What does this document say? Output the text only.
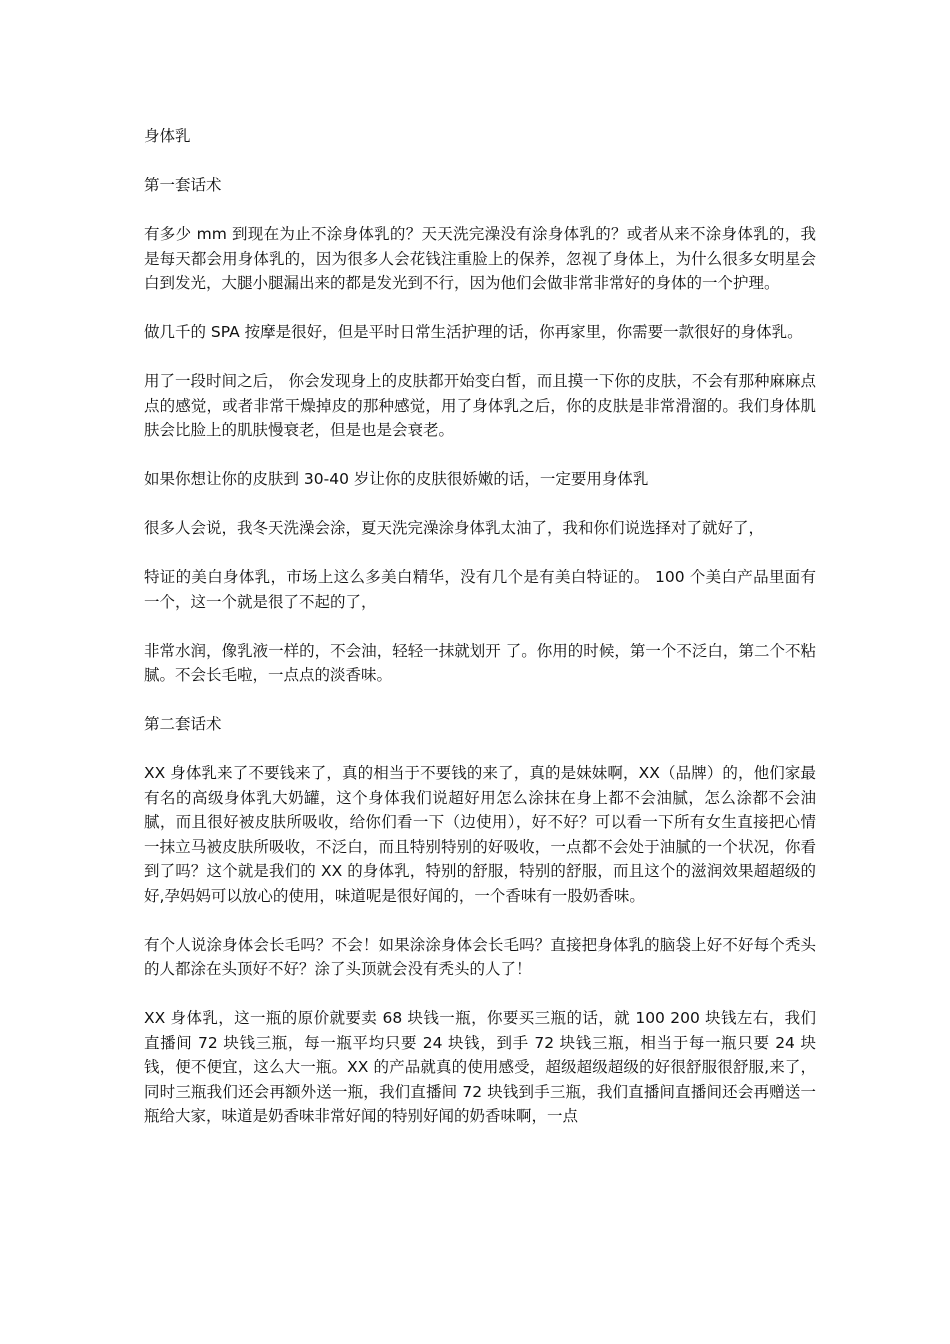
身体乳

第一套话术

有多少 mm 到现在为止不涂身体乳的？天天洗完澡没有涂身体乳的？或者从来不涂身体乳的，我是每天都会用身体乳的，因为很多人会花钱注重脸上的保养，忽视了身体上，为什么很多女明星会白到发光，大腿小腿漏出来的都是发光到不行，因为他们会做非常非常好的身体的一个护理。

做几千的 SPA 按摩是很好，但是平时日常生活护理的话，你再家里，你需要一款很好的身体乳。

用了一段时间之后， 你会发现身上的皮肤都开始变白皙，而且摸一下你的皮肤，不会有那种麻麻点点的感觉，或者非常干燥掉皮的那种感觉，用了身体乳之后，你的皮肤是非常滑溜的。我们身体肌肤会比脸上的肌肤慢衰老，但是也是会衰老。

如果你想让你的皮肤到 30-40 岁让你的皮肤很娇嫩的话，一定要用身体乳

很多人会说，我冬天洗澡会涂，夏天洗完澡涂身体乳太油了，我和你们说选择对了就好了，

特证的美白身体乳，市场上这么多美白精华，没有几个是有美白特证的。 100 个美白产品里面有一个，这一个就是很了不起的了，

非常水润，像乳液一样的，不会油，轻轻一抹就划开 了。你用的时候，第一个不泛白，第二个不粘腻。不会长毛啦，一点点的淡香味。

第二套话术

XX 身体乳来了不要钱来了，真的相当于不要钱的来了，真的是妹妹啊，XX（品牌）的，他们家最有名的高级身体乳大奶罐，这个身体我们说超好用怎么涂抹在身上都不会油腻，怎么涂都不会油腻，而且很好被皮肤所吸收，给你们看一下（边使用），好不好？可以看一下所有女生直接把心情一抹立马被皮肤所吸收，不泛白，而且特别特别的好吸收，一点都不会处于油腻的一个状况，你看到了吗？这个就是我们的 XX 的身体乳，特别的舒服，特别的舒服，而且这个的滋润效果超超级的好,孕妈妈可以放心的使用，味道呢是很好闻的，一个香味有一股奶香味。

有个人说涂身体会长毛吗？不会！如果涂涂身体会长毛吗？直接把身体乳的脑袋上好不好每个秃头的人都涂在头顶好不好？涂了头顶就会没有秃头的人了！

XX 身体乳，这一瓶的原价就要卖 68 块钱一瓶，你要买三瓶的话，就 100 200 块钱左右，我们直播间 72 块钱三瓶，每一瓶平均只要 24 块钱，到手 72 块钱三瓶，相当于每一瓶只要 24 块钱，便不便宜，这么大一瓶。XX 的产品就真的使用感受，超级超级超级的好很舒服很舒服,来了，同时三瓶我们还会再额外送一瓶，我们直播间 72 块钱到手三瓶，我们直播间直播间还会再赠送一瓶给大家，味道是奶香味非常好闻的特别好闻的奶香味啊，一点
